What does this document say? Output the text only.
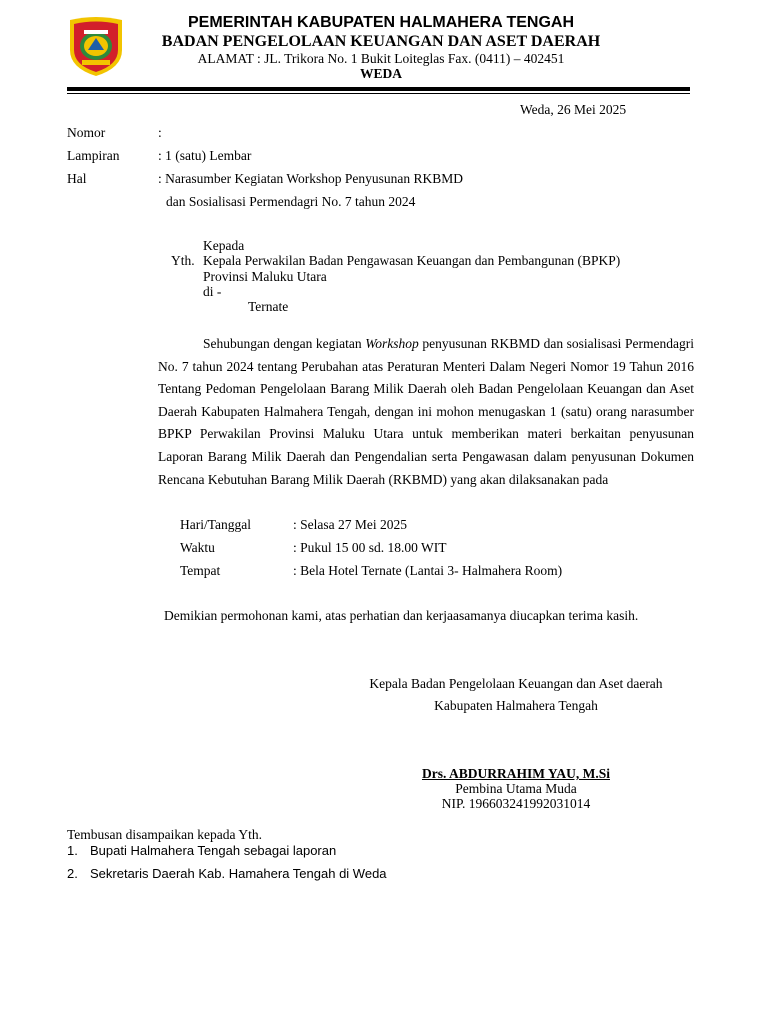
PEMERINTAH KABUPATEN HALMAHERA TENGAH
BADAN PENGELOLAAN KEUANGAN DAN ASET DAERAH
ALAMAT : JL. Trikora No. 1 Bukit Loiteglas Fax. (0411) – 402451
WEDA
Weda, 26 Mei 2025
Nomor	:
Lampiran	: 1 (satu) Lembar
Hal	: Narasumber Kegiatan Workshop Penyusunan RKBMD
dan Sosialisasi Permendagri No. 7 tahun 2024
Kepada
Yth. Kepala Perwakilan Badan Pengawasan Keuangan dan Pembangunan (BPKP)
Provinsi Maluku Utara
di -
Ternate

Sehubungan dengan kegiatan Workshop penyusunan RKBMD dan sosialisasi Permendagri No. 7 tahun 2024 tentang Perubahan atas Peraturan Menteri Dalam Negeri Nomor 19 Tahun 2016 Tentang Pedoman Pengelolaan Barang Milik Daerah oleh Badan Pengelolaan Keuangan dan Aset Daerah Kabupaten Halmahera Tengah, dengan ini mohon menugaskan 1 (satu) orang narasumber BPKP Perwakilan Provinsi Maluku Utara untuk memberikan materi berkaitan penyusunan Laporan Barang Milik Daerah dan Pengendalian serta Pengawasan dalam penyusunan Dokumen Rencana Kebutuhan Barang Milik Daerah (RKBMD) yang akan dilaksanakan pada

Hari/Tanggal	: Selasa 27 Mei 2025
Waktu	: Pukul 15 00 sd. 18.00 WIT
Tempat	: Bela Hotel Ternate (Lantai 3- Halmahera Room)
Demikian permohonan kami, atas perhatian dan kerjaasamanya diucapkan terima kasih.
Kepala Badan Pengelolaan Keuangan dan Aset daerah
Kabupaten Halmahera Tengah
Drs. ABDURRAHIM YAU, M.Si
Pembina Utama Muda
NIP. 196603241992031014
Tembusan disampaikan kepada Yth.
1. Bupati Halmahera Tengah sebagai laporan
2. Sekretaris Daerah Kab. Hamahera Tengah di Weda
